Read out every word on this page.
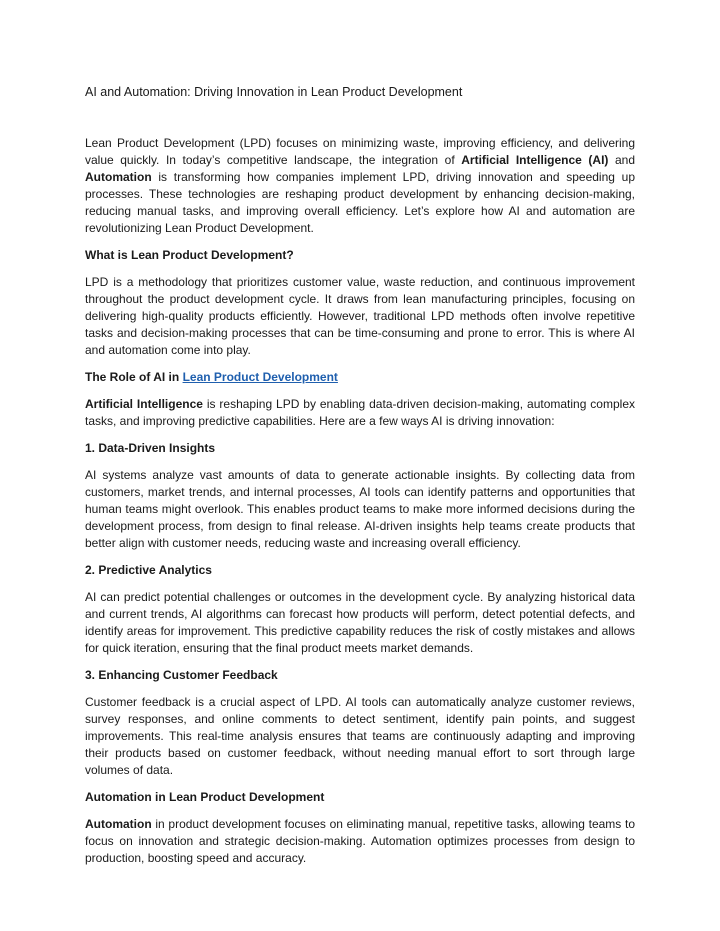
AI and Automation: Driving Innovation in Lean Product Development

Lean Product Development (LPD) focuses on minimizing waste, improving efficiency, and delivering value quickly. In today’s competitive landscape, the integration of Artificial Intelligence (AI) and Automation is transforming how companies implement LPD, driving innovation and speeding up processes. These technologies are reshaping product development by enhancing decision-making, reducing manual tasks, and improving overall efficiency. Let’s explore how AI and automation are revolutionizing Lean Product Development.

What is Lean Product Development?

LPD is a methodology that prioritizes customer value, waste reduction, and continuous improvement throughout the product development cycle. It draws from lean manufacturing principles, focusing on delivering high-quality products efficiently. However, traditional LPD methods often involve repetitive tasks and decision-making processes that can be time-consuming and prone to error. This is where AI and automation come into play.

The Role of AI in Lean Product Development

Artificial Intelligence is reshaping LPD by enabling data-driven decision-making, automating complex tasks, and improving predictive capabilities. Here are a few ways AI is driving innovation:

1. Data-Driven Insights

AI systems analyze vast amounts of data to generate actionable insights. By collecting data from customers, market trends, and internal processes, AI tools can identify patterns and opportunities that human teams might overlook. This enables product teams to make more informed decisions during the development process, from design to final release. AI-driven insights help teams create products that better align with customer needs, reducing waste and increasing overall efficiency.

2. Predictive Analytics

AI can predict potential challenges or outcomes in the development cycle. By analyzing historical data and current trends, AI algorithms can forecast how products will perform, detect potential defects, and identify areas for improvement. This predictive capability reduces the risk of costly mistakes and allows for quick iteration, ensuring that the final product meets market demands.

3. Enhancing Customer Feedback

Customer feedback is a crucial aspect of LPD. AI tools can automatically analyze customer reviews, survey responses, and online comments to detect sentiment, identify pain points, and suggest improvements. This real-time analysis ensures that teams are continuously adapting and improving their products based on customer feedback, without needing manual effort to sort through large volumes of data.

Automation in Lean Product Development

Automation in product development focuses on eliminating manual, repetitive tasks, allowing teams to focus on innovation and strategic decision-making. Automation optimizes processes from design to production, boosting speed and accuracy.
